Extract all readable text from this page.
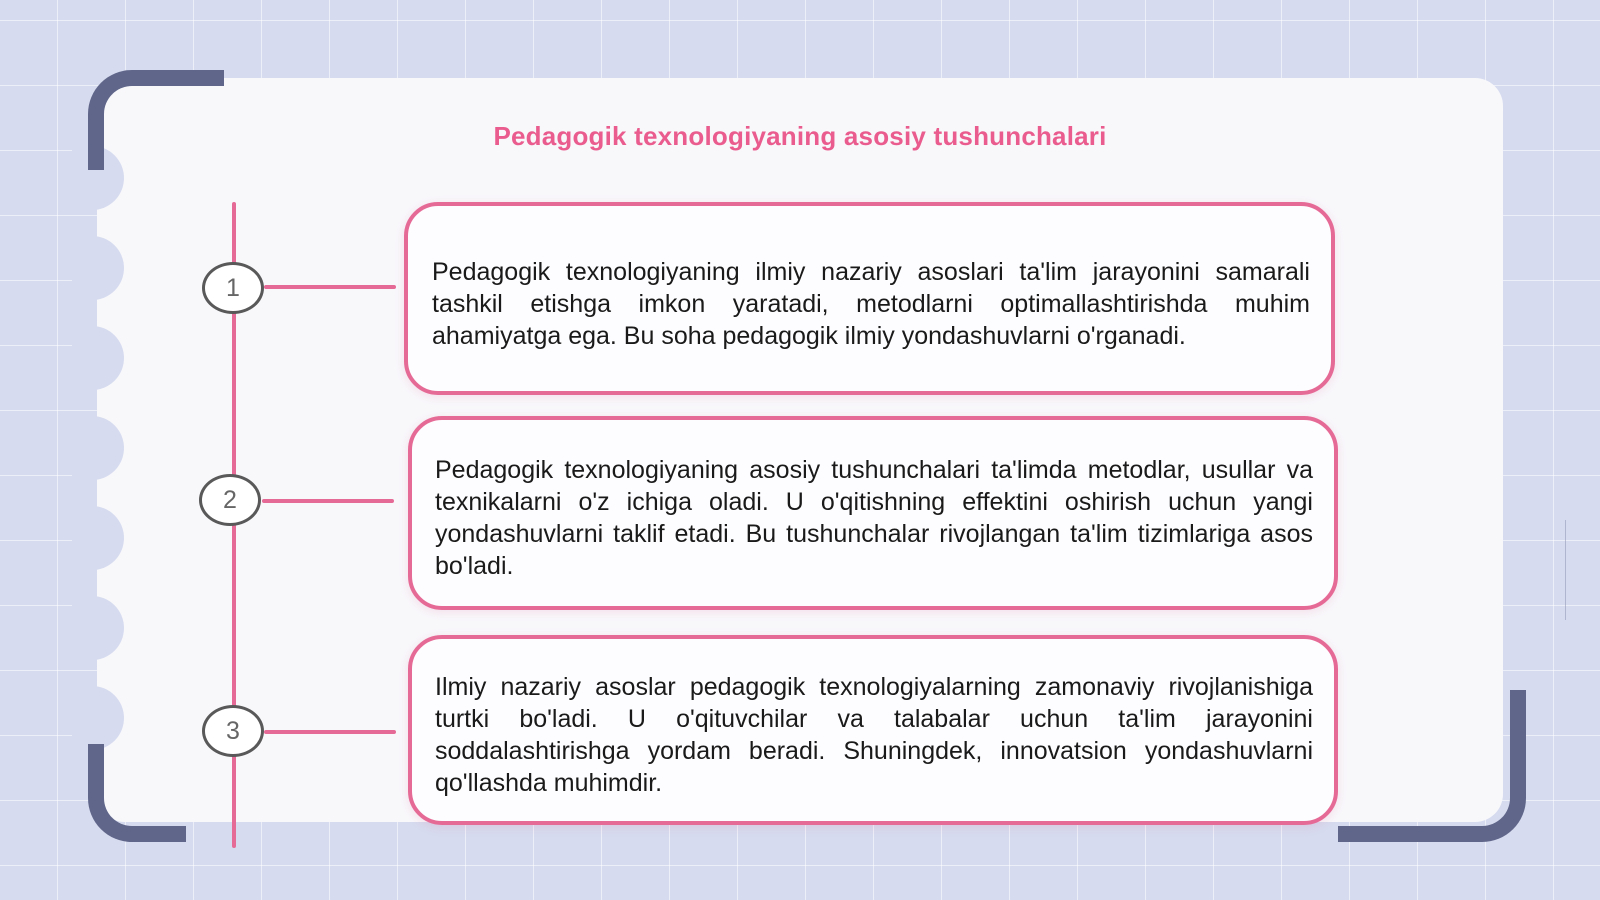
Pedagogik texnologiyaning asosiy tushunchalari
1
2
3

Pedagogik texnologiyaning ilmiy nazariy asoslari ta'lim jarayonini samarali tashkil etishga imkon yaratadi, metodlarni optimallashtirishda muhim ahamiyatga ega. Bu soha pedagogik ilmiy yondashuvlarni o'rganadi.

Pedagogik texnologiyaning asosiy tushunchalari ta'limda metodlar, usullar va texnikalarni o'z ichiga oladi. U o'qitishning effektini oshirish uchun yangi yondashuvlarni taklif etadi. Bu tushunchalar rivojlangan ta'lim tizimlariga asos bo'ladi.

Ilmiy nazariy asoslar pedagogik texnologiyalarning zamonaviy rivojlanishiga turtki bo'ladi. U o'qituvchilar va talabalar uchun ta'lim jarayonini soddalashtirishga yordam beradi. Shuningdek, innovatsion yondashuvlarni qo'llashda muhimdir.
